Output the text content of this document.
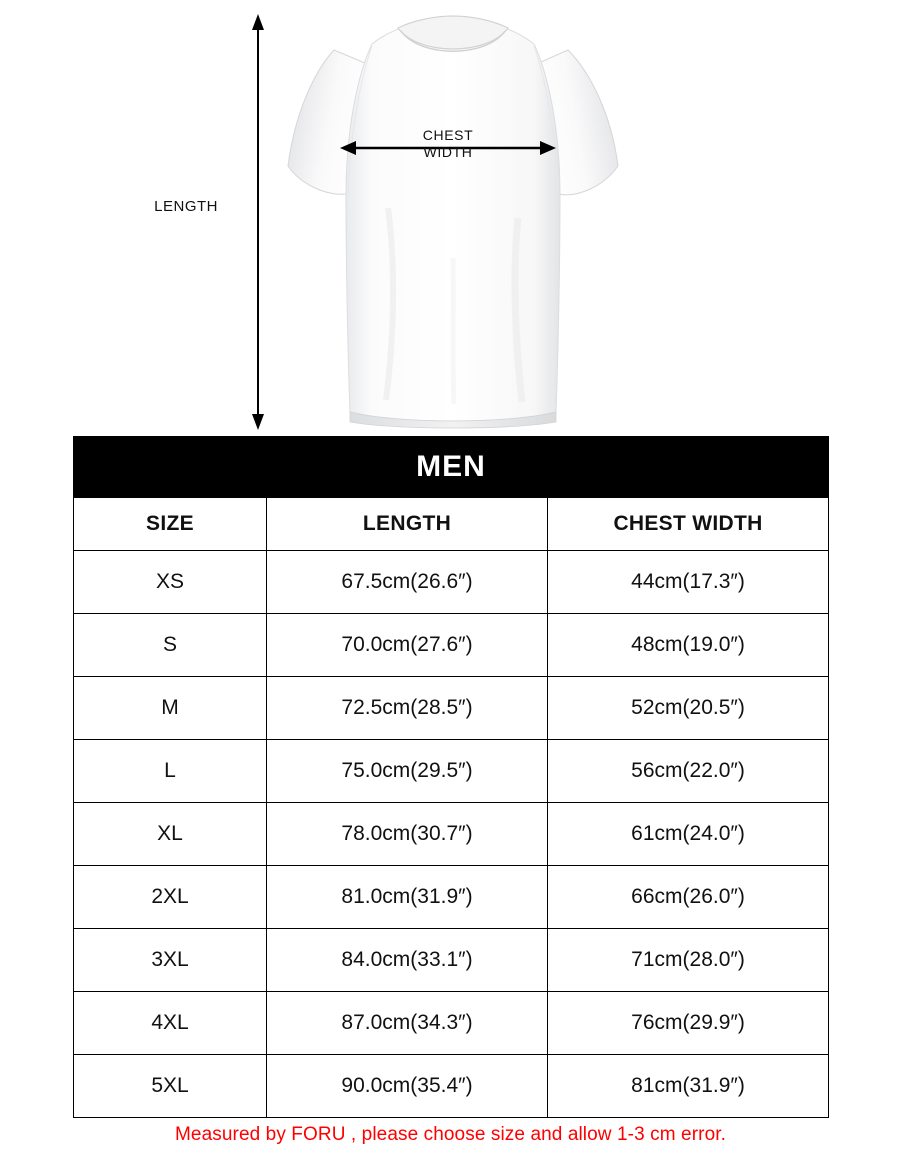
LENGTH
CHEST
WIDTH
MEN		
SIZE	LENGTH	CHEST WIDTH
XS	67.5cm(26.6″)	44cm(17.3″)
S	70.0cm(27.6″)	48cm(19.0″)
M	72.5cm(28.5″)	52cm(20.5″)
L	75.0cm(29.5″)	56cm(22.0″)
XL	78.0cm(30.7″)	61cm(24.0″)
2XL	81.0cm(31.9″)	66cm(26.0″)
3XL	84.0cm(33.1″)	71cm(28.0″)
4XL	87.0cm(34.3″)	76cm(29.9″)
5XL	90.0cm(35.4″)	81cm(31.9″)
Measured by FORU , please choose size and allow 1-3 cm error.
